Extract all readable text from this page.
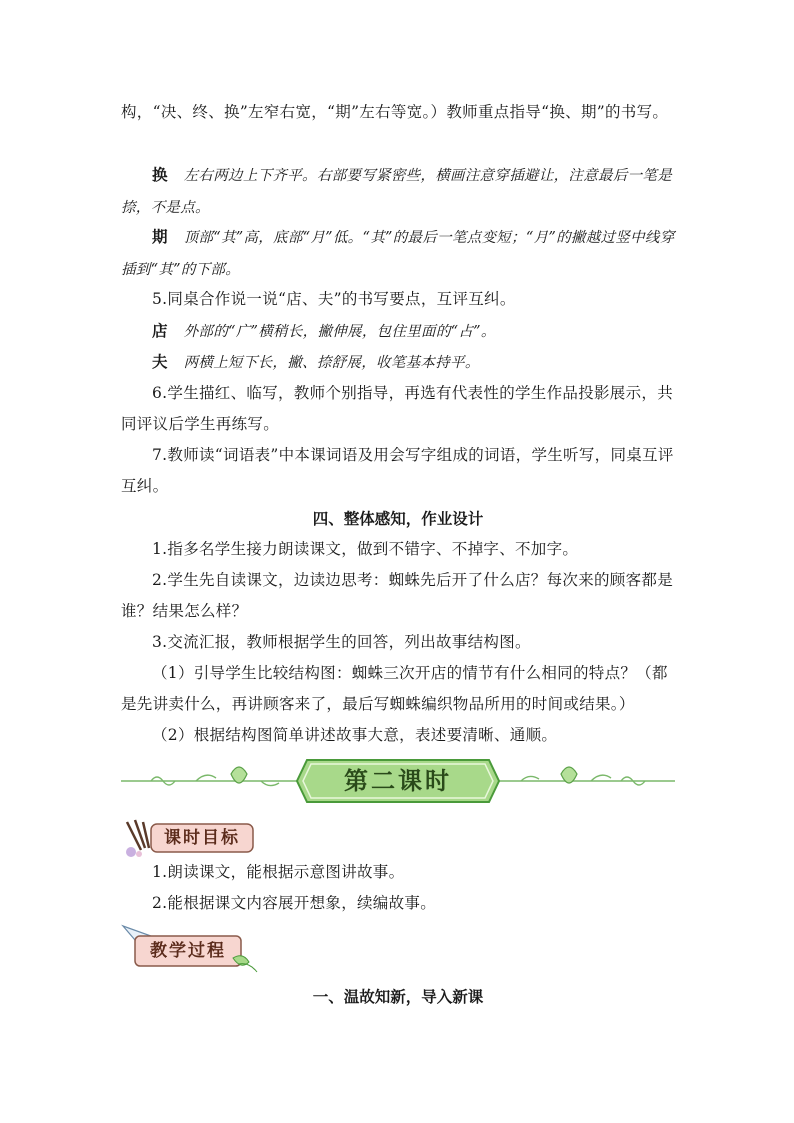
构，“决、终、换”左窄右宽，“期”左右等宽。）教师重点指导“换、期”的书写。

换　 左右两边上下齐平。右部要写紧密些，横画注意穿插避让，注意最后一笔是捺，不是点。

期　 顶部“其”高，底部“月”低。“其”的最后一笔点变短；“月”的撇越过竖中线穿插到“其”的下部。

5.同桌合作说一说“店、夫”的书写要点，互评互纠。

店　 外部的“广”横稍长，撇伸展，包住里面的“占”。

夫　 两横上短下长，撇、捺舒展，收笔基本持平。

6.学生描红、临写，教师个别指导，再选有代表性的学生作品投影展示，共同评议后学生再练写。

7.教师读“词语表”中本课词语及用会写字组成的词语，学生听写，同桌互评互纠。

四、整体感知，作业设计

1.指多名学生接力朗读课文，做到不错字、不掉字、不加字。

2.学生先自读课文，边读边思考：蜘蛛先后开了什么店？每次来的顾客都是谁？结果怎么样？

3.交流汇报，教师根据学生的回答，列出故事结构图。

（1）引导学生比较结构图：蜘蛛三次开店的情节有什么相同的特点？（都是先讲卖什么，再讲顾客来了，最后写蜘蛛编织物品所用的时间或结果。）

（2）根据结构图简单讲述故事大意，表述要清晰、通顺。

第二课时
课时目标

1.朗读课文，能根据示意图讲故事。

2.能根据课文内容展开想象，续编故事。

教学过程
一、温故知新，导入新课
